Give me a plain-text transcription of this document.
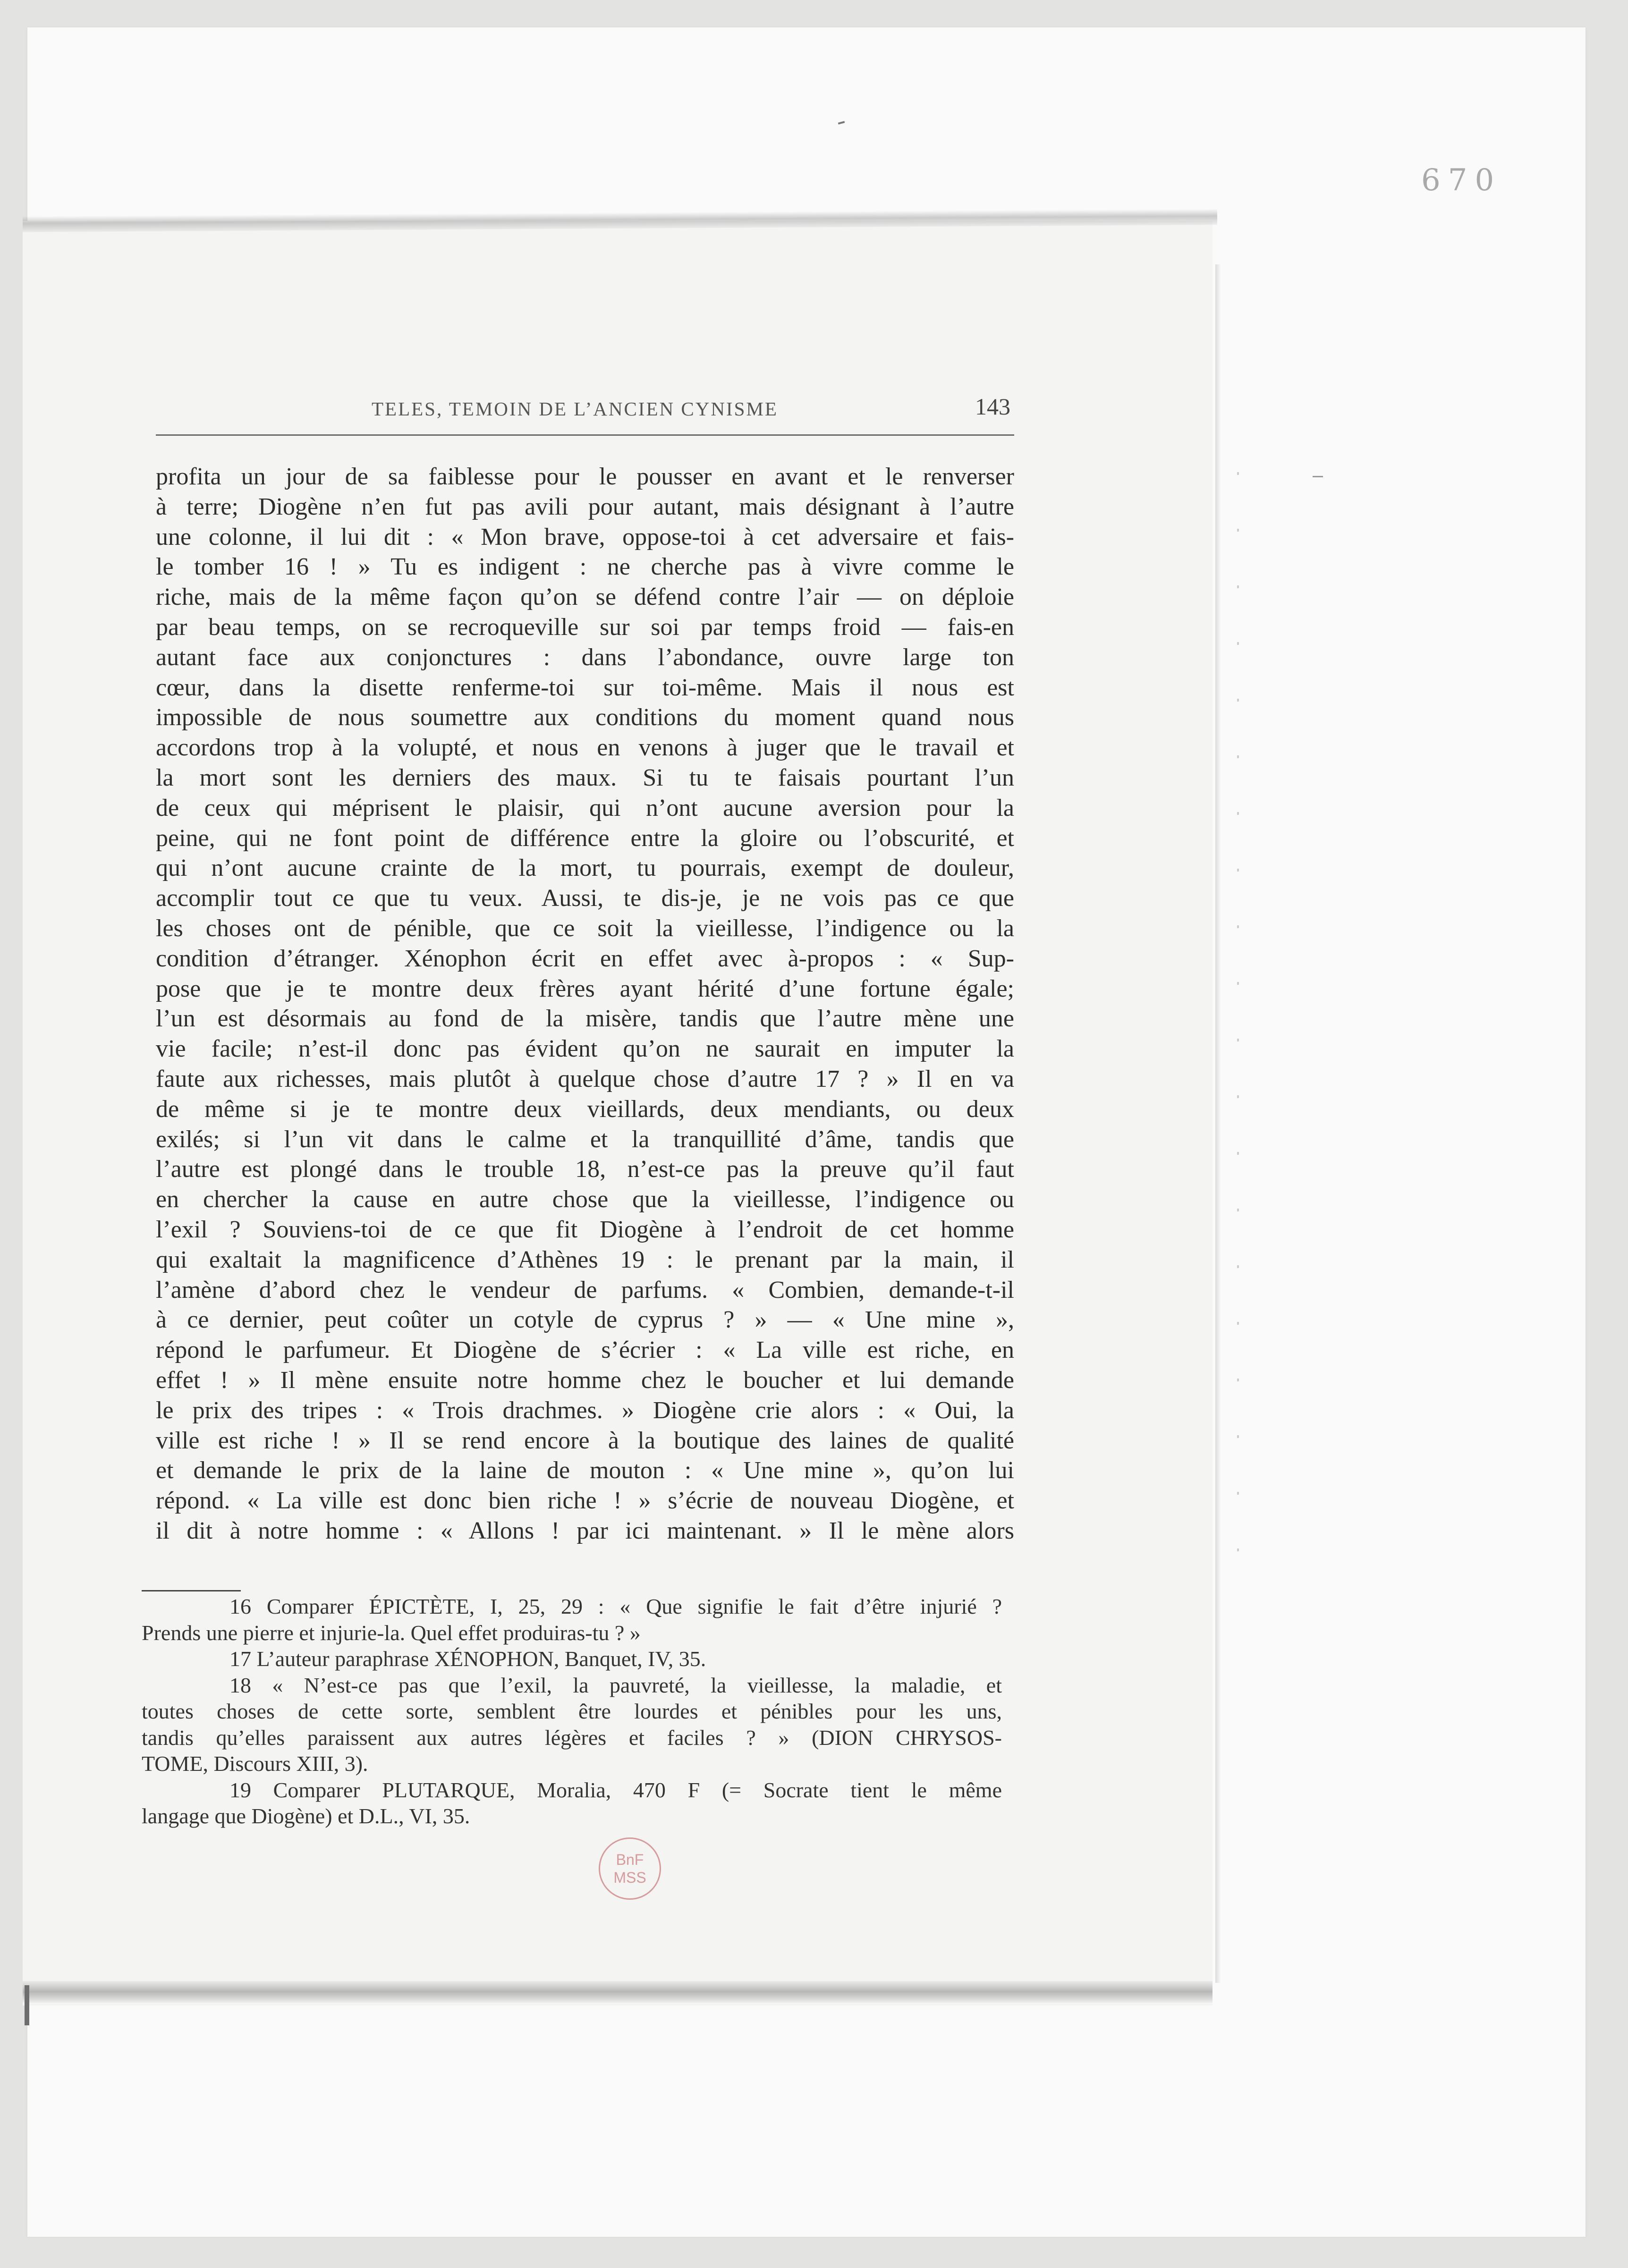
670
TELES, TEMOIN DE L’ANCIEN CYNISME	143
profita un jour de sa faiblesse pour le pousser en avant et le renverser
à terre; Diogène n’en fut pas avili pour autant, mais désignant à l’autre
une colonne, il lui dit : « Mon brave, oppose-toi à cet adversaire et fais-
le tomber 16 ! » Tu es indigent : ne cherche pas à vivre comme le
riche, mais de la même façon qu’on se défend contre l’air — on déploie
par beau temps, on se recroqueville sur soi par temps froid — fais-en
autant face aux conjonctures : dans l’abondance, ouvre large ton
cœur, dans la disette renferme-toi sur toi-même. Mais il nous est
impossible de nous soumettre aux conditions du moment quand nous
accordons trop à la volupté, et nous en venons à juger que le travail et
la mort sont les derniers des maux. Si tu te faisais pourtant l’un
de ceux qui méprisent le plaisir, qui n’ont aucune aversion pour la
peine, qui ne font point de différence entre la gloire ou l’obscurité, et
qui n’ont aucune crainte de la mort, tu pourrais, exempt de douleur,
accomplir tout ce que tu veux. Aussi, te dis-je, je ne vois pas ce que
les choses ont de pénible, que ce soit la vieillesse, l’indigence ou la
condition d’étranger. Xénophon écrit en effet avec à-propos : « Sup-
pose que je te montre deux frères ayant hérité d’une fortune égale;
l’un est désormais au fond de la misère, tandis que l’autre mène une
vie facile; n’est-il donc pas évident qu’on ne saurait en imputer la
faute aux richesses, mais plutôt à quelque chose d’autre 17 ? » Il en va
de même si je te montre deux vieillards, deux mendiants, ou deux
exilés; si l’un vit dans le calme et la tranquillité d’âme, tandis que
l’autre est plongé dans le trouble 18, n’est-ce pas la preuve qu’il faut
en chercher la cause en autre chose que la vieillesse, l’indigence ou
l’exil ? Souviens-toi de ce que fit Diogène à l’endroit de cet homme
qui exaltait la magnificence d’Athènes 19 : le prenant par la main, il
l’amène d’abord chez le vendeur de parfums. « Combien, demande-t-il
à ce dernier, peut coûter un cotyle de cyprus ? » — « Une mine »,
répond le parfumeur. Et Diogène de s’écrier : « La ville est riche, en
effet ! » Il mène ensuite notre homme chez le boucher et lui demande
le prix des tripes : « Trois drachmes. » Diogène crie alors : « Oui, la
ville est riche ! » Il se rend encore à la boutique des laines de qualité
et demande le prix de la laine de mouton : « Une mine », qu’on lui
répond. « La ville est donc bien riche ! » s’écrie de nouveau Diogène, et
il dit à notre homme : « Allons ! par ici maintenant. » Il le mène alors
16 Comparer ÉPICTÈTE, I, 25, 29 : « Que signifie le fait d’être injurié ?
Prends une pierre et injurie-la. Quel effet produiras-tu ? »
17 L’auteur paraphrase XÉNOPHON, Banquet, IV, 35.
18 « N’est-ce pas que l’exil, la pauvreté, la vieillesse, la maladie, et
toutes choses de cette sorte, semblent être lourdes et pénibles pour les uns,
tandis qu’elles paraissent aux autres légères et faciles ? » (DION CHRYSOS-
TOME, Discours XIII, 3).
19 Comparer PLUTARQUE, Moralia, 470 F (= Socrate tient le même
langage que Diogène) et D.L., VI, 35.
BnF
MSS
